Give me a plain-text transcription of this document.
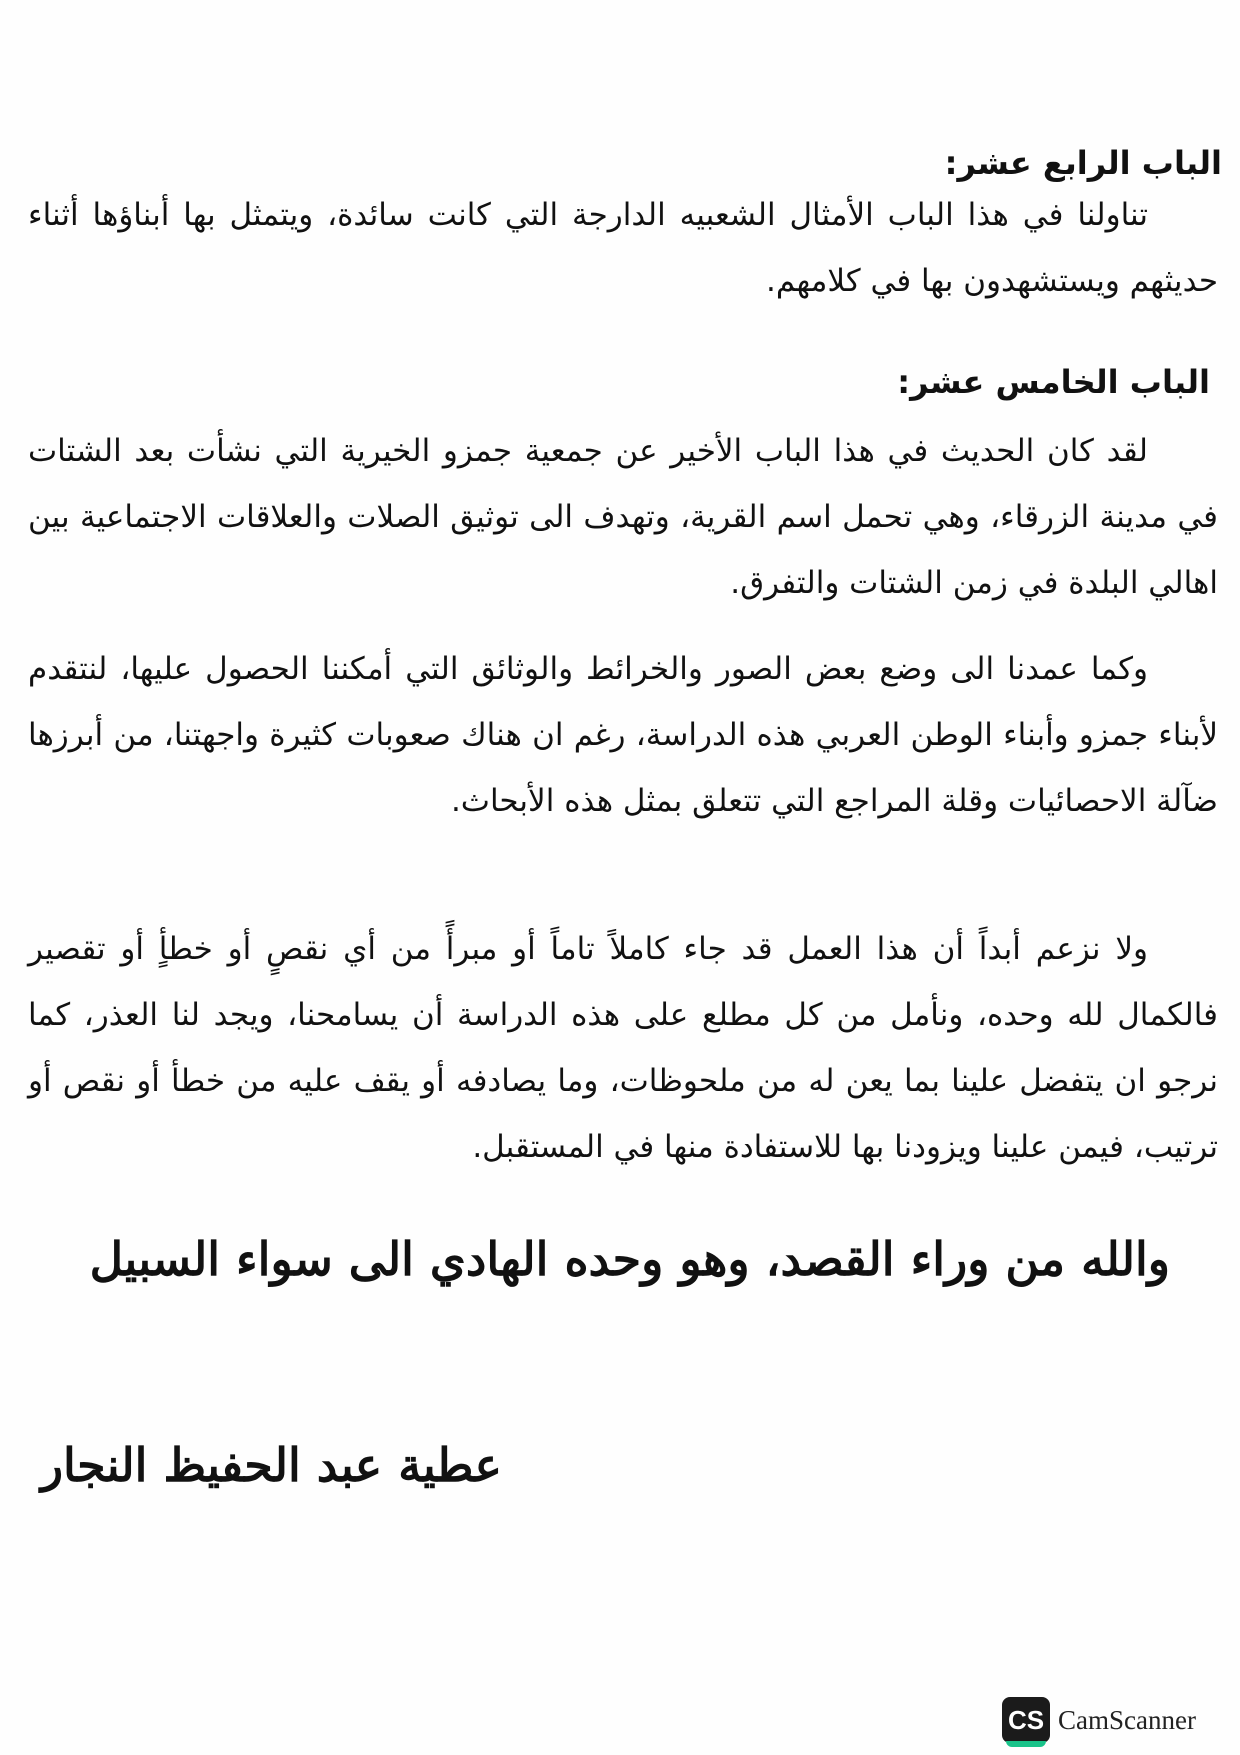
الباب الرابع عشر:
تناولنا في هذا الباب الأمثال الشعبيه الدارجة التي كانت سائدة، ويتمثل بها أبناؤها أثناء حديثهم ويستشهدون بها في كلامهم.
الباب الخامس عشر:
لقد كان الحديث في هذا الباب الأخير عن جمعية جمزو الخيرية التي نشأت بعد الشتات في مدينة الزرقاء، وهي تحمل اسم القرية، وتهدف الى توثيق الصلات والعلاقات الاجتماعية بين اهالي البلدة في زمن الشتات والتفرق.
وكما عمدنا الى وضع بعض الصور والخرائط والوثائق التي أمكننا الحصول عليها، لنتقدم لأبناء جمزو وأبناء الوطن العربي هذه الدراسة، رغم ان هناك صعوبات كثيرة واجهتنا، من أبرزها ضآلة الاحصائيات وقلة المراجع التي تتعلق بمثل هذه الأبحاث.
ولا نزعم أبداً أن هذا العمل قد جاء كاملاً تاماً أو مبرأً من أي نقصٍ أو خطأٍ أو تقصير فالكمال لله وحده، ونأمل من كل مطلع على هذه الدراسة أن يسامحنا، ويجد لنا العذر، كما نرجو ان يتفضل علينا بما يعن له من ملحوظات، وما يصادفه أو يقف عليه من خطأ أو نقص أو ترتيب، فيمن علينا ويزودنا بها للاستفادة منها في المستقبل.
والله من وراء القصد، وهو وحده الهادي الى سواء السبيل
عطية عبد الحفيظ النجار
CS CamScanner
